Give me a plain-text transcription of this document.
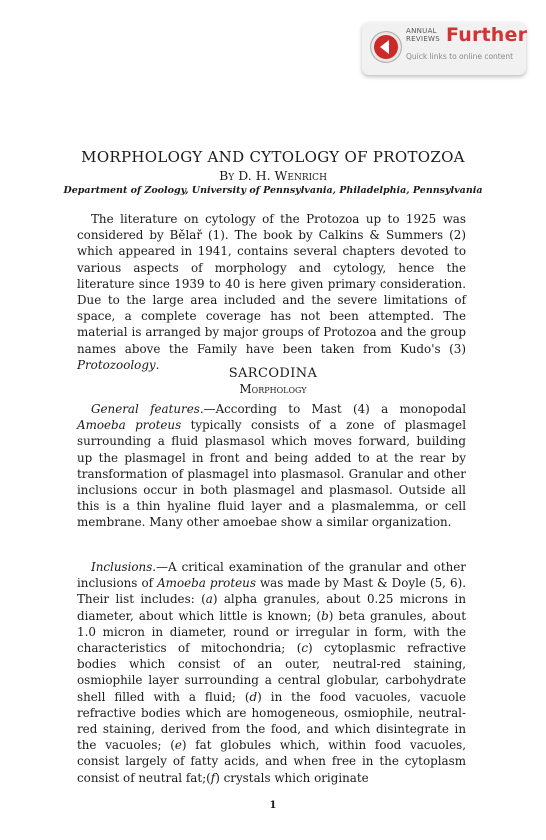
ANNUAL
REVIEWS Further
Quick links to online content
MORPHOLOGY AND CYTOLOGY OF PROTOZOA
By D. H. Wenrich
Department of Zoology, University of Pennsylvania, Philadelphia, Pennsylvania

The literature on cytology of the Protozoa up to 1925 was considered by Bělař (1). The book by Calkins & Summers (2) which appeared in 1941, contains several chapters devoted to various aspects of morphology and cytology, hence the literature since 1939 to 40 is here given primary consideration. Due to the large area included and the severe limitations of space, a complete coverage has not been attempted. The material is arranged by major groups of Protozoa and the group names above the Family have been taken from Kudo's (3) Protozoology.

SARCODINA
Morphology

General features.—According to Mast (4) a monopodal Amoeba proteus typically consists of a zone of plasmagel surrounding a fluid plasmasol which moves forward, building up the plasmagel in front and being added to at the rear by transformation of plasmagel into plasmasol. Granular and other inclusions occur in both plasmagel and plasmasol. Outside all this is a thin hyaline fluid layer and a plasmalemma, or cell membrane. Many other amoebae show a similar organization.

Inclusions.—A critical examination of the granular and other inclusions of Amoeba proteus was made by Mast & Doyle (5, 6). Their list includes: (a) alpha granules, about 0.25 microns in diameter, about which little is known; (b) beta granules, about 1.0 micron in diameter, round or irregular in form, with the characteristics of mitochondria; (c) cytoplasmic refractive bodies which consist of an outer, neutral-red staining, osmiophile layer surrounding a central globular, carbohydrate shell filled with a fluid; (d) in the food vacuoles, vacuole refractive bodies which are homogeneous, osmiophile, neutral-red staining, derived from the food, and which disintegrate in the vacuoles; (e) fat globules which, within food vacuoles, consist largely of fatty acids, and when free in the cytoplasm consist of neutral fat;(f) crystals which originate

1
